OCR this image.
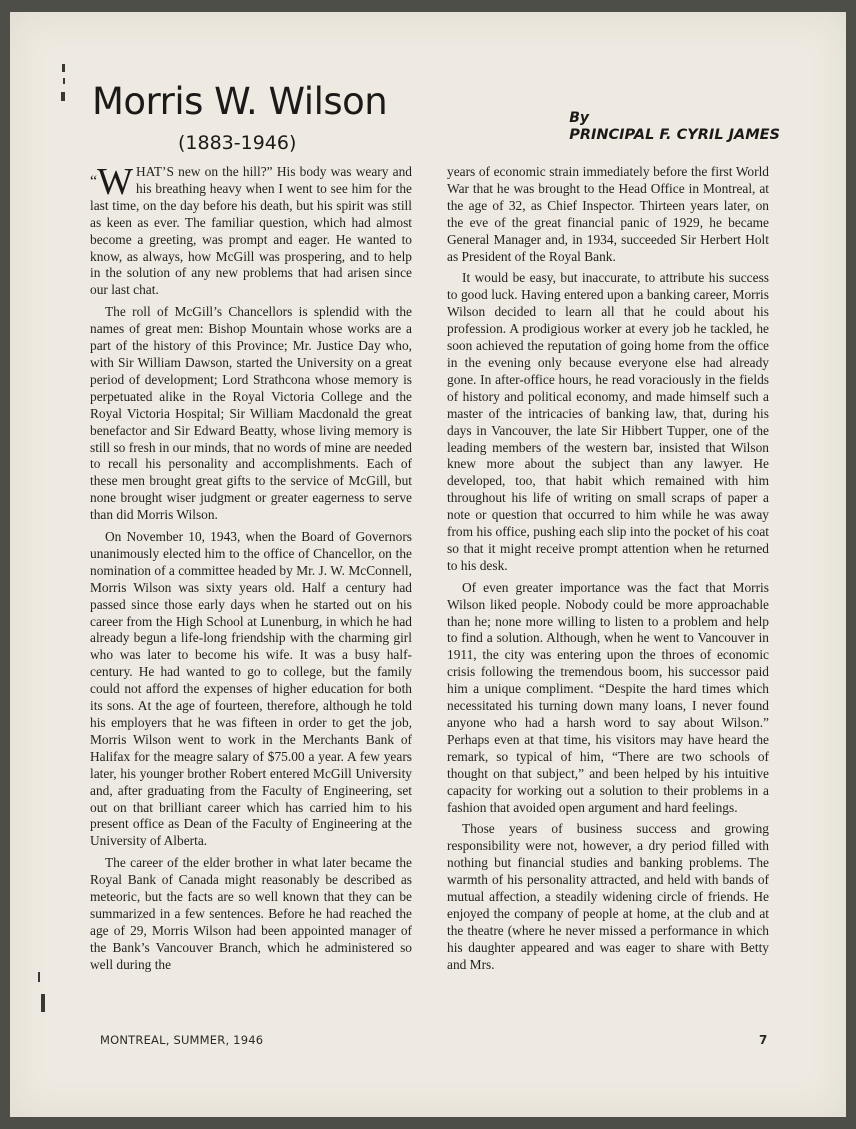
Morris W. Wilson
(1883-1946)
By
PRINCIPAL F. CYRIL JAMES

“W HAT’S new on the hill?” His body was weary and his breathing heavy when I went to see him for the last time, on the day before his death, but his spirit was still as keen as ever. The familiar question, which had almost become a greeting, was prompt and eager. He wanted to know, as always, how McGill was prospering, and to help in the solution of any new problems that had arisen since our last chat.

The roll of McGill’s Chancellors is splendid with the names of great men: Bishop Mountain whose works are a part of the history of this Province; Mr. Justice Day who, with Sir William Dawson, started the University on a great period of development; Lord Strathcona whose memory is perpetuated alike in the Royal Victoria College and the Royal Victoria Hospital; Sir William Macdonald the great benefactor and Sir Edward Beatty, whose living memory is still so fresh in our minds, that no words of mine are needed to recall his personality and accomplishments. Each of these men brought great gifts to the service of McGill, but none brought wiser judgment or greater eagerness to serve than did Morris Wilson.

On November 10, 1943, when the Board of Governors unanimously elected him to the office of Chancellor, on the nomination of a committee headed by Mr. J. W. McConnell, Morris Wilson was sixty years old. Half a century had passed since those early days when he started out on his career from the High School at Lunenburg, in which he had already begun a life-long friendship with the charming girl who was later to become his wife. It was a busy half-century. He had wanted to go to college, but the family could not afford the expenses of higher education for both its sons. At the age of fourteen, therefore, although he told his employers that he was fifteen in order to get the job, Morris Wilson went to work in the Merchants Bank of Halifax for the meagre salary of $75.00 a year. A few years later, his younger brother Robert entered McGill University and, after graduating from the Faculty of Engineering, set out on that brilliant career which has carried him to his present office as Dean of the Faculty of Engineering at the University of Alberta.

The career of the elder brother in what later became the Royal Bank of Canada might reasonably be described as meteoric, but the facts are so well known that they can be summarized in a few sentences. Before he had reached the age of 29, Morris Wilson had been appointed manager of the Bank’s Vancouver Branch, which he administered so well during the

years of economic strain immediately before the first World War that he was brought to the Head Office in Montreal, at the age of 32, as Chief Inspector. Thirteen years later, on the eve of the great financial panic of 1929, he became General Manager and, in 1934, succeeded Sir Herbert Holt as President of the Royal Bank.

It would be easy, but inaccurate, to attribute his success to good luck. Having entered upon a banking career, Morris Wilson decided to learn all that he could about his profession. A prodigious worker at every job he tackled, he soon achieved the reputation of going home from the office in the evening only because everyone else had already gone. In after-office hours, he read voraciously in the fields of history and political economy, and made himself such a master of the intricacies of banking law, that, during his days in Vancouver, the late Sir Hibbert Tupper, one of the leading members of the western bar, insisted that Wilson knew more about the subject than any lawyer. He developed, too, that habit which remained with him throughout his life of writing on small scraps of paper a note or question that occurred to him while he was away from his office, pushing each slip into the pocket of his coat so that it might receive prompt attention when he returned to his desk.

Of even greater importance was the fact that Morris Wilson liked people. Nobody could be more approachable than he; none more willing to listen to a problem and help to find a solution. Although, when he went to Vancouver in 1911, the city was entering upon the throes of economic crisis following the tremendous boom, his successor paid him a unique compliment. “Despite the hard times which necessitated his turning down many loans, I never found anyone who had a harsh word to say about Wilson.” Perhaps even at that time, his visitors may have heard the remark, so typical of him, “There are two schools of thought on that subject,” and been helped by his intuitive capacity for working out a solution to their problems in a fashion that avoided open argument and hard feelings.

Those years of business success and growing responsibility were not, however, a dry period filled with nothing but financial studies and banking problems. The warmth of his personality attracted, and held with bands of mutual affection, a steadily widening circle of friends. He enjoyed the company of people at home, at the club and at the theatre (where he never missed a performance in which his daughter appeared and was eager to share with Betty and Mrs.

MONTREAL, SUMMER, 1946	7
